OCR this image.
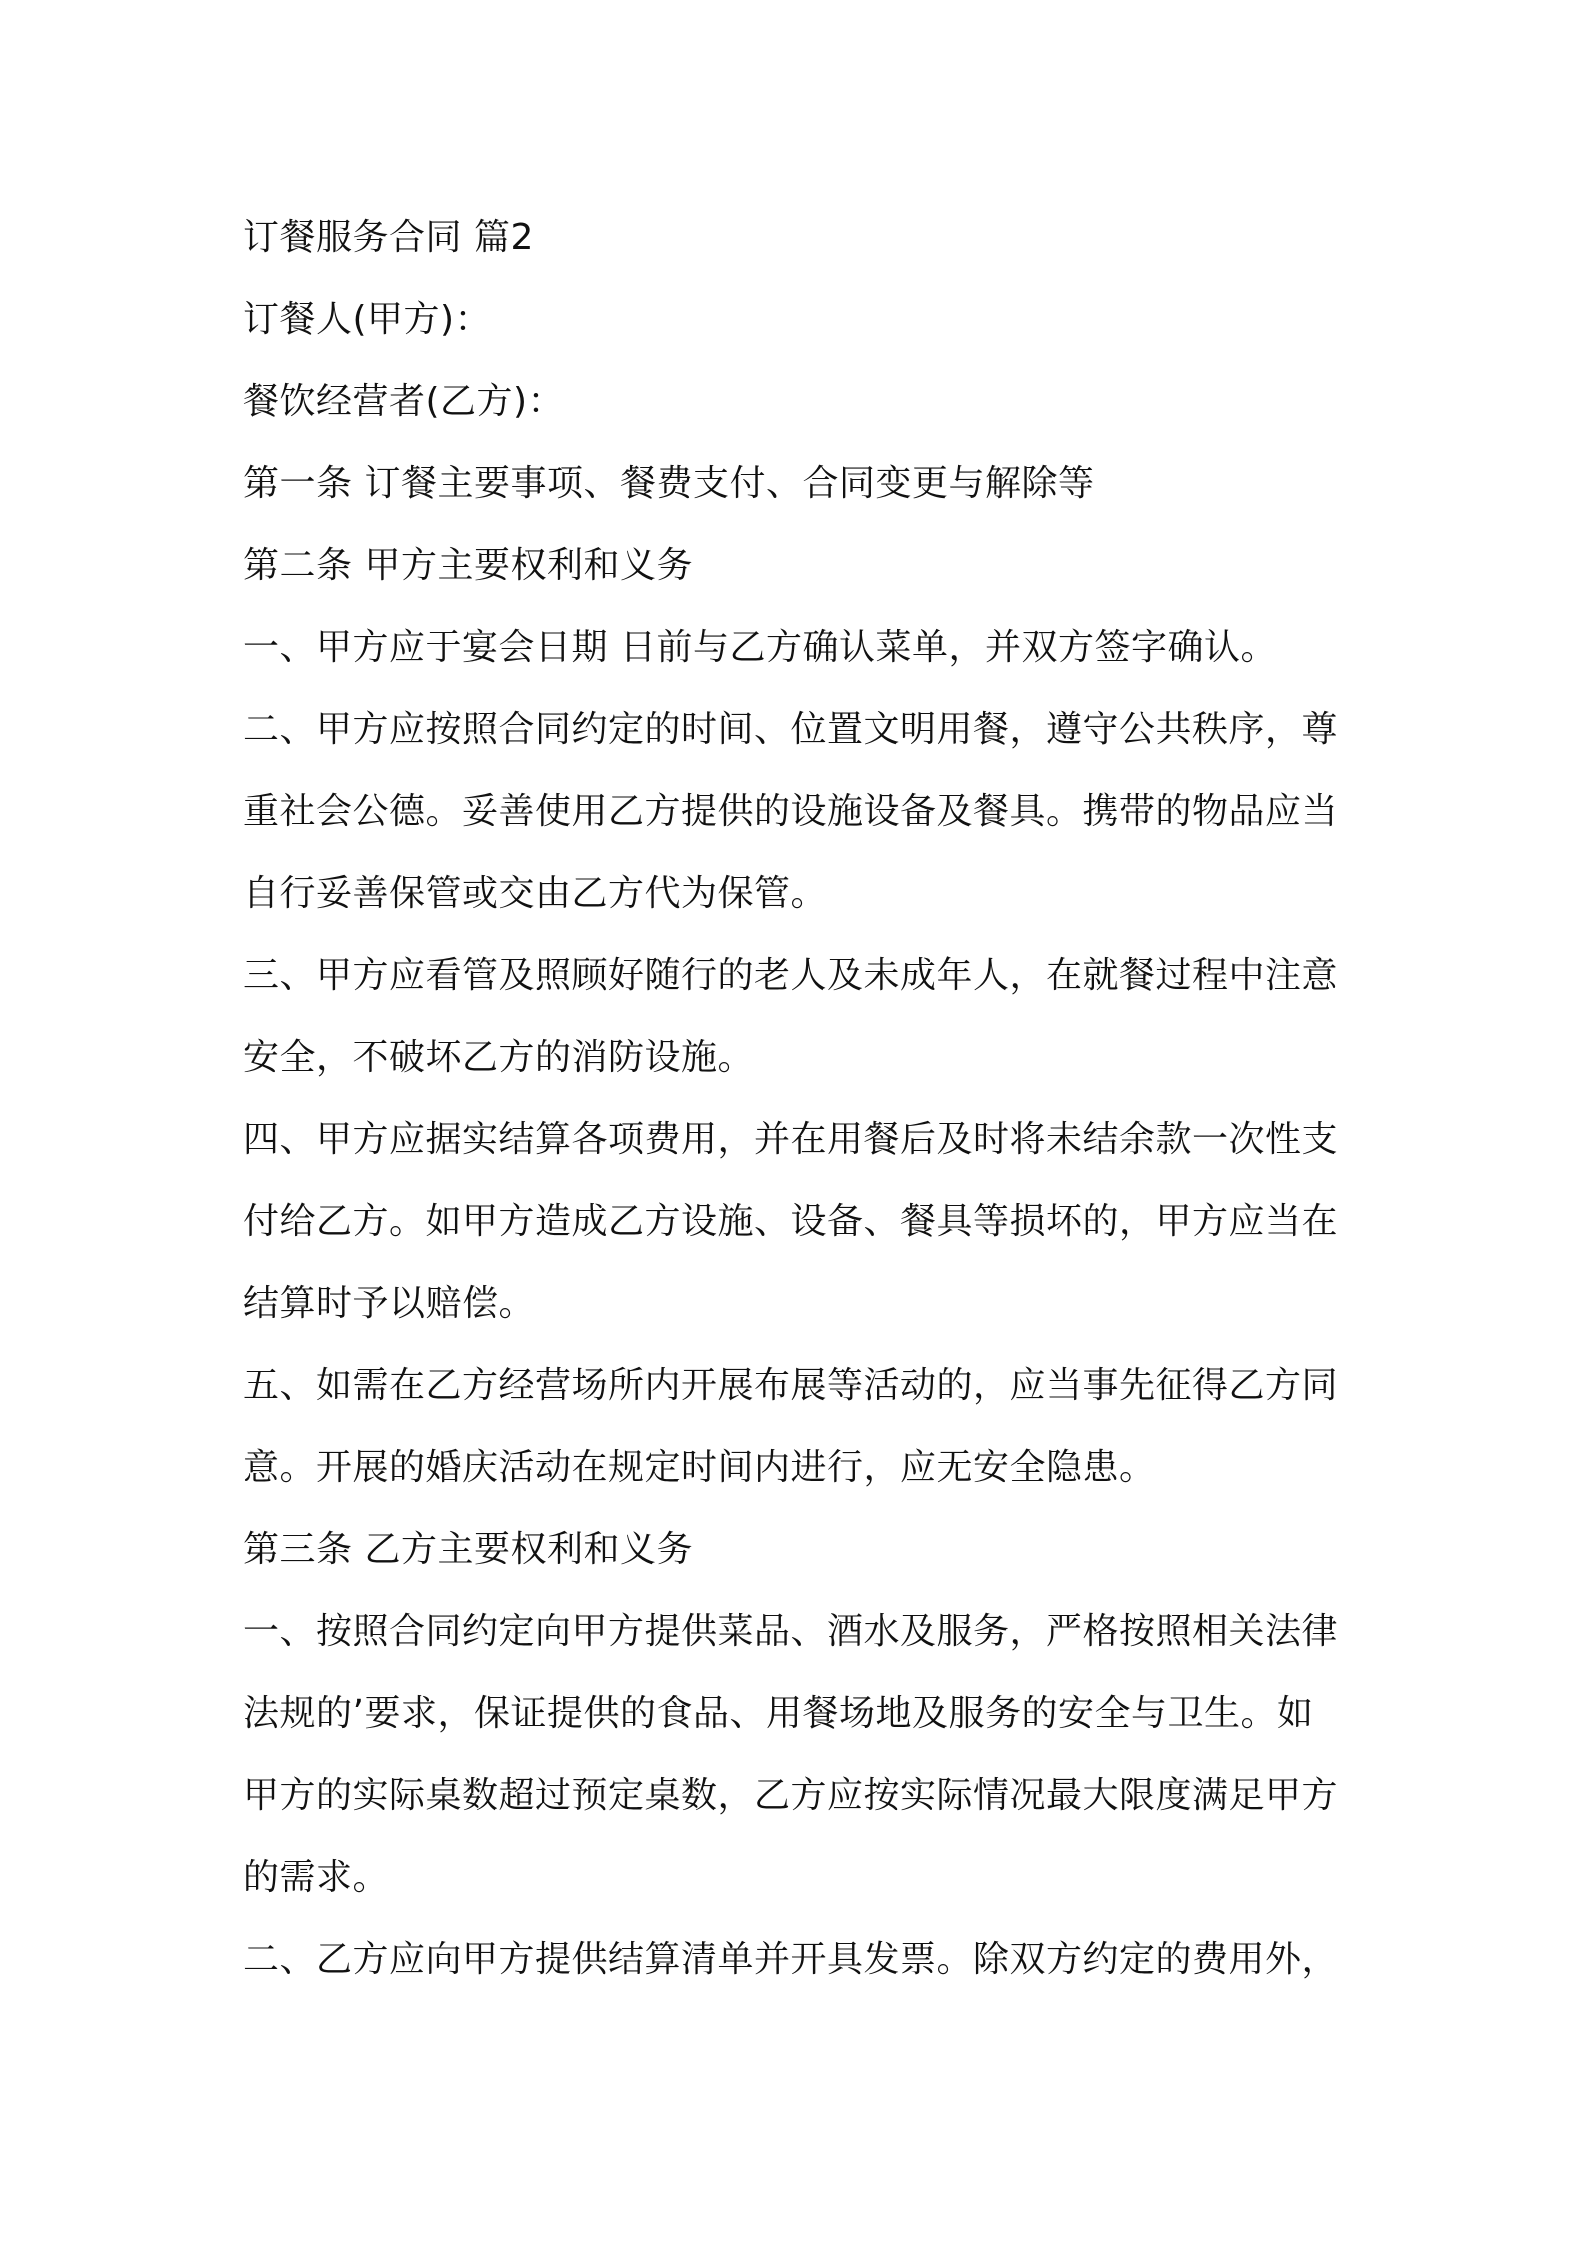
订餐服务合同 篇2

订餐人(甲方)：

餐饮经营者(乙方)：

第一条 订餐主要事项、餐费支付、合同变更与解除等

第二条 甲方主要权利和义务

一、甲方应于宴会日期 日前与乙方确认菜单，并双方签字确认。

二、甲方应按照合同约定的时间、位置文明用餐，遵守公共秩序，尊

重社会公德。妥善使用乙方提供的设施设备及餐具。携带的物品应当

自行妥善保管或交由乙方代为保管。

三、甲方应看管及照顾好随行的老人及未成年人，在就餐过程中注意

安全，不破坏乙方的消防设施。

四、甲方应据实结算各项费用，并在用餐后及时将未结余款一次性支

付给乙方。如甲方造成乙方设施、设备、餐具等损坏的，甲方应当在

结算时予以赔偿。

五、如需在乙方经营场所内开展布展等活动的，应当事先征得乙方同

意。开展的婚庆活动在规定时间内进行，应无安全隐患。

第三条 乙方主要权利和义务

一、按照合同约定向甲方提供菜品、酒水及服务，严格按照相关法律

法规的’要求，保证提供的食品、用餐场地及服务的安全与卫生。如

甲方的实际桌数超过预定桌数，乙方应按实际情况最大限度满足甲方

的需求。

二、乙方应向甲方提供结算清单并开具发票。除双方约定的费用外，
